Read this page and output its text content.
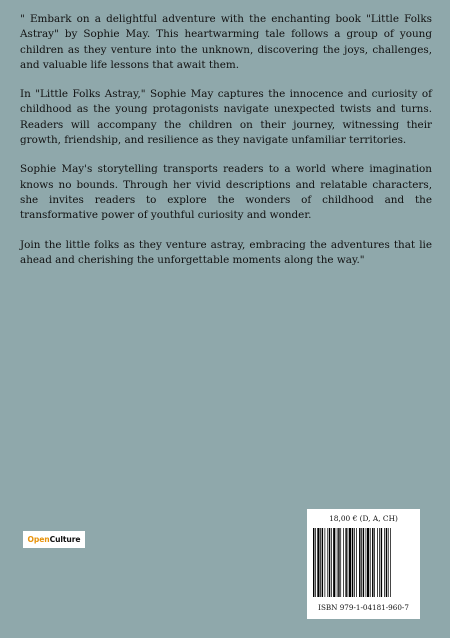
" Embark on a delightful adventure with the enchanting book "Little Folks Astray" by Sophie May. This heartwarming tale follows a group of young children as they venture into the unknown, discovering the joys, challenges, and valuable life lessons that await them.

In "Little Folks Astray," Sophie May captures the innocence and curiosity of childhood as the young protagonists navigate unexpected twists and turns. Readers will accompany the children on their journey, witnessing their growth, friendship, and resilience as they navigate unfamiliar territories.

Sophie May's storytelling transports readers to a world where imagination knows no bounds. Through her vivid descriptions and relatable characters, she invites readers to explore the wonders of childhood and the transformative power of youthful curiosity and wonder.

Join the little folks as they venture astray, embracing the adventures that lie ahead and cherishing the unforgettable moments along the way."

Open Culture
18,00 € (D, A, CH)
ISBN 979-1-04181-960-7
